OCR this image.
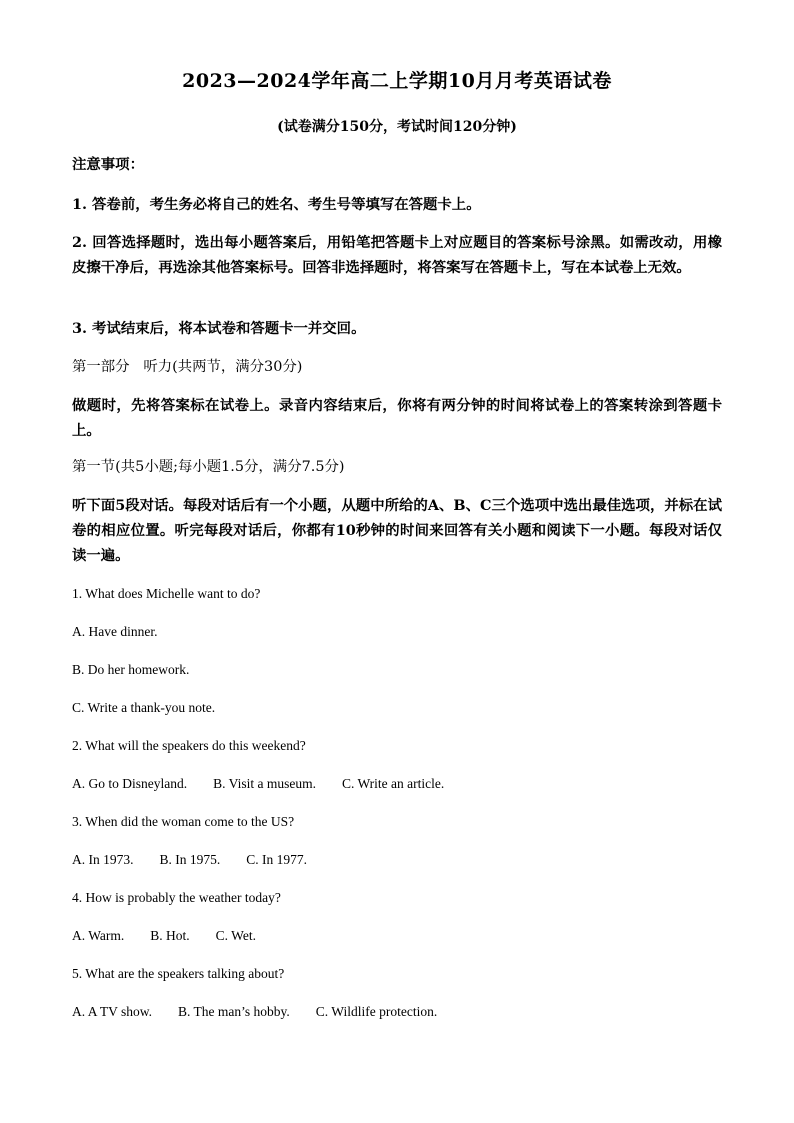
2023—2024学年高二上学期10月月考英语试卷
(试卷满分150分，考试时间120分钟)
注意事项：
1. 答卷前，考生务必将自己的姓名、考生号等填写在答题卡上。
2. 回答选择题时，选出每小题答案后，用铅笔把答题卡上对应题目的答案标号涂黑。如需改动，用橡皮擦干净后，再选涂其他答案标号。回答非选择题时，将答案写在答题卡上，写在本试卷上无效。
3. 考试结束后，将本试卷和答题卡一并交回。
第一部分 听力(共两节，满分30分)
做题时，先将答案标在试卷上。录音内容结束后，你将有两分钟的时间将试卷上的答案转涂到答题卡上。
第一节(共5小题;每小题1.5分，满分7.5分)
听下面5段对话。每段对话后有一个小题，从题中所给的A、B、C三个选项中选出最佳选项，并标在试卷的相应位置。听完每段对话后，你都有10秒钟的时间来回答有关小题和阅读下一小题。每段对话仅读一遍。
1. What does Michelle want to do?
A. Have dinner.
B. Do her homework.
C. Write a thank-you note.
2. What will the speakers do this weekend?
A. Go to Disneyland. B. Visit a museum. C. Write an article.
3. When did the woman come to the US?
A. In 1973. B. In 1975. C. In 1977.
4. How is probably the weather today?
A. Warm. B. Hot. C. Wet.
5. What are the speakers talking about?
A. A TV show. B. The man’s hobby. C. Wildlife protection.
